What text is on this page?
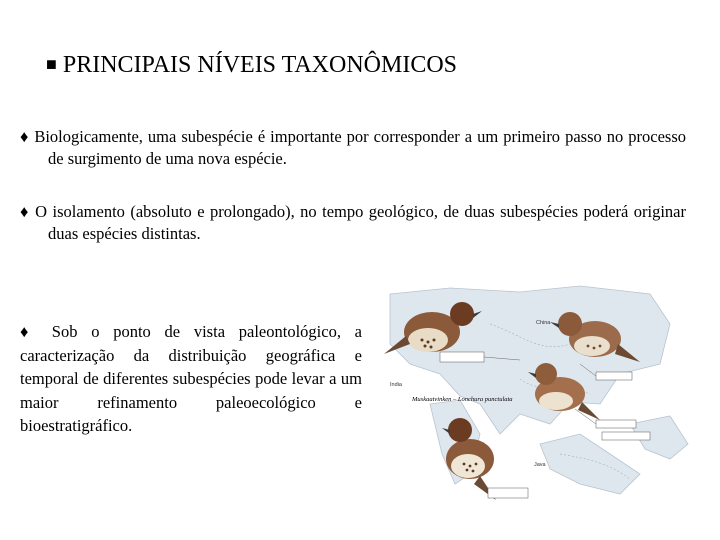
■ PRINCIPAIS NÍVEIS TAXONÔMICOS
♦ Biologicamente, uma subespécie é importante por corresponder a um primeiro passo no processo de surgimento de uma nova espécie.
♦ O isolamento (absoluto e prolongado), no tempo geológico, de duas subespécies poderá originar duas espécies distintas.
♦ Sob o ponto de vista paleontológico, a caracterização da distribuição geográfica e temporal de diferentes subespécies pode levar a um maior refinamento paleoecológico e bioestratigráfico.
Muskaatvinken – Lonchura punctulata
China
India
Java
